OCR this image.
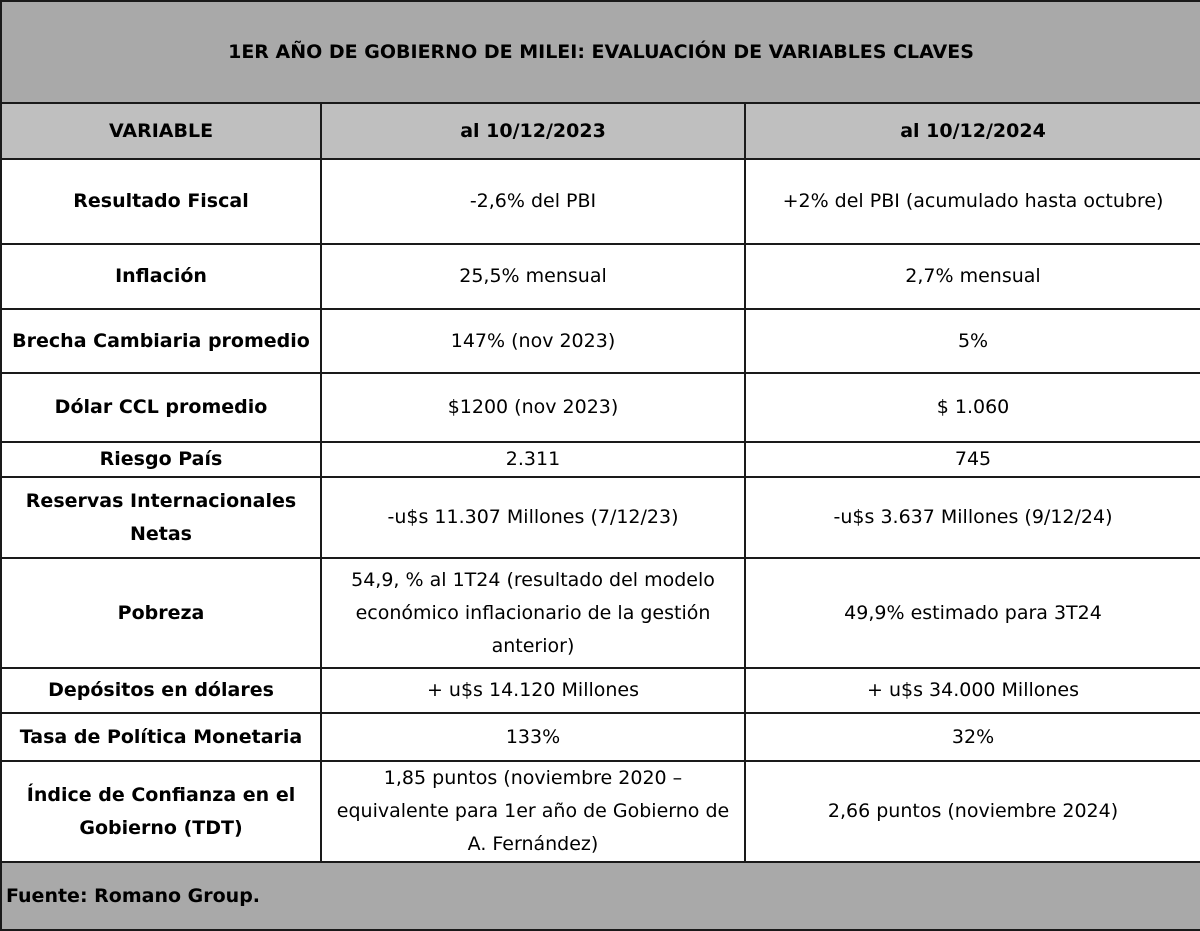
1ER AÑO DE GOBIERNO DE MILEI: EVALUACIÓN DE VARIABLES CLAVES		
VARIABLE	al 10/12/2023	al 10/12/2024
Resultado Fiscal	-2,6% del PBI	+2% del PBI (acumulado hasta octubre)
Inflación	25,5% mensual	2,7% mensual
Brecha Cambiaria promedio	147% (nov 2023)	5%
Dólar CCL promedio	$1200 (nov 2023)	$ 1.060
Riesgo País	2.311	745
Reservas Internacionales Netas	-u$s 11.307 Millones (7/12/23)	-u$s 3.637 Millones (9/12/24)
Pobreza	54,9, % al 1T24 (resultado del modelo económico inflacionario de la gestión anterior)	49,9% estimado para 3T24
Depósitos en dólares	+ u$s 14.120 Millones	+ u$s 34.000 Millones
Tasa de Política Monetaria	133%	32%
Índice de Confianza en el Gobierno (TDT)	1,85 puntos (noviembre 2020 – equivalente para 1er año de Gobierno de A. Fernández)	2,66 puntos (noviembre 2024)
Fuente: Romano Group.		
